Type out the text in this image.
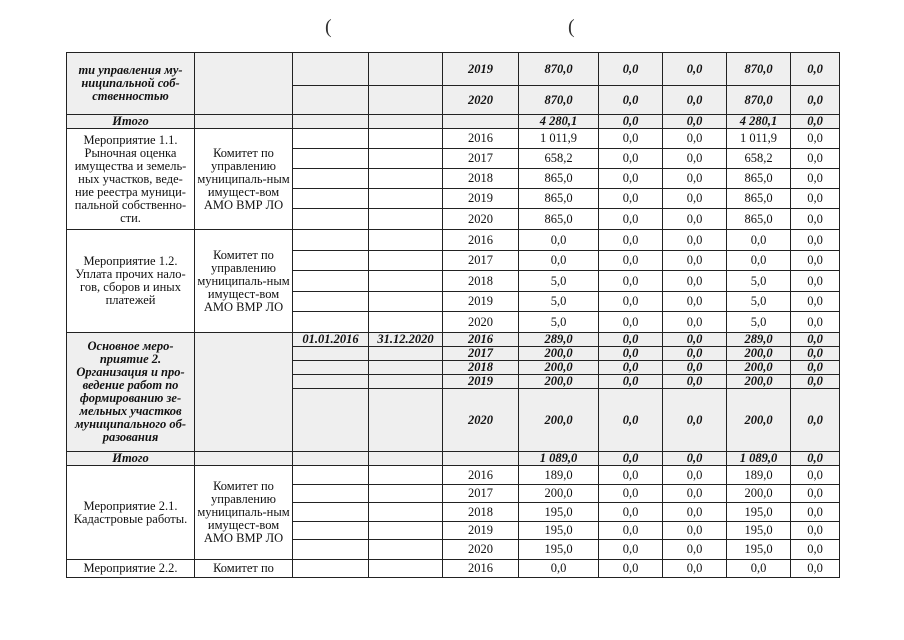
(	(
ти управления му-ниципальной соб-ственностью				2019	870,0	0,0	0,0	870,0	0,0
				2020	870,0	0,0	0,0	870,0	0,0
Итого					4 280,1	0,0	0,0	4 280,1	0,0
Мероприятие 1.1. Рыночная оценка имущества и земель-ных участков, веде-ние реестра муници-пальной собственно-сти.	Комитет по управлению муниципаль-ным имущест-вом АМО ВМР ЛО			2016	1 011,9	0,0	0,0	1 011,9	0,0
				2017	658,2	0,0	0,0	658,2	0,0
				2018	865,0	0,0	0,0	865,0	0,0
				2019	865,0	0,0	0,0	865,0	0,0
				2020	865,0	0,0	0,0	865,0	0,0
Мероприятие 1.2. Уплата прочих нало-гов, сборов и иных платежей	Комитет по управлению муниципаль-ным имущест-вом АМО ВМР ЛО			2016	0,0	0,0	0,0	0,0	0,0
				2017	0,0	0,0	0,0	0,0	0,0
				2018	5,0	0,0	0,0	5,0	0,0
				2019	5,0	0,0	0,0	5,0	0,0
				2020	5,0	0,0	0,0	5,0	0,0
Основное меро-приятие 2. Организация и про-ведение работ по формированию зе-мельных участков муниципального об-разования		01.01.2016	31.12.2020	2016	289,0	0,0	0,0	289,0	0,0
				2017	200,0	0,0	0,0	200,0	0,0
				2018	200,0	0,0	0,0	200,0	0,0
				2019	200,0	0,0	0,0	200,0	0,0
				2020	200,0	0,0	0,0	200,0	0,0
Итого					1 089,0	0,0	0,0	1 089,0	0,0
Мероприятие 2.1. Кадастровые работы.	Комитет по управлению муниципаль-ным имущест-вом АМО ВМР ЛО			2016	189,0	0,0	0,0	189,0	0,0
				2017	200,0	0,0	0,0	200,0	0,0
				2018	195,0	0,0	0,0	195,0	0,0
				2019	195,0	0,0	0,0	195,0	0,0
				2020	195,0	0,0	0,0	195,0	0,0
Мероприятие 2.2.	Комитет по			2016	0,0	0,0	0,0	0,0	0,0
